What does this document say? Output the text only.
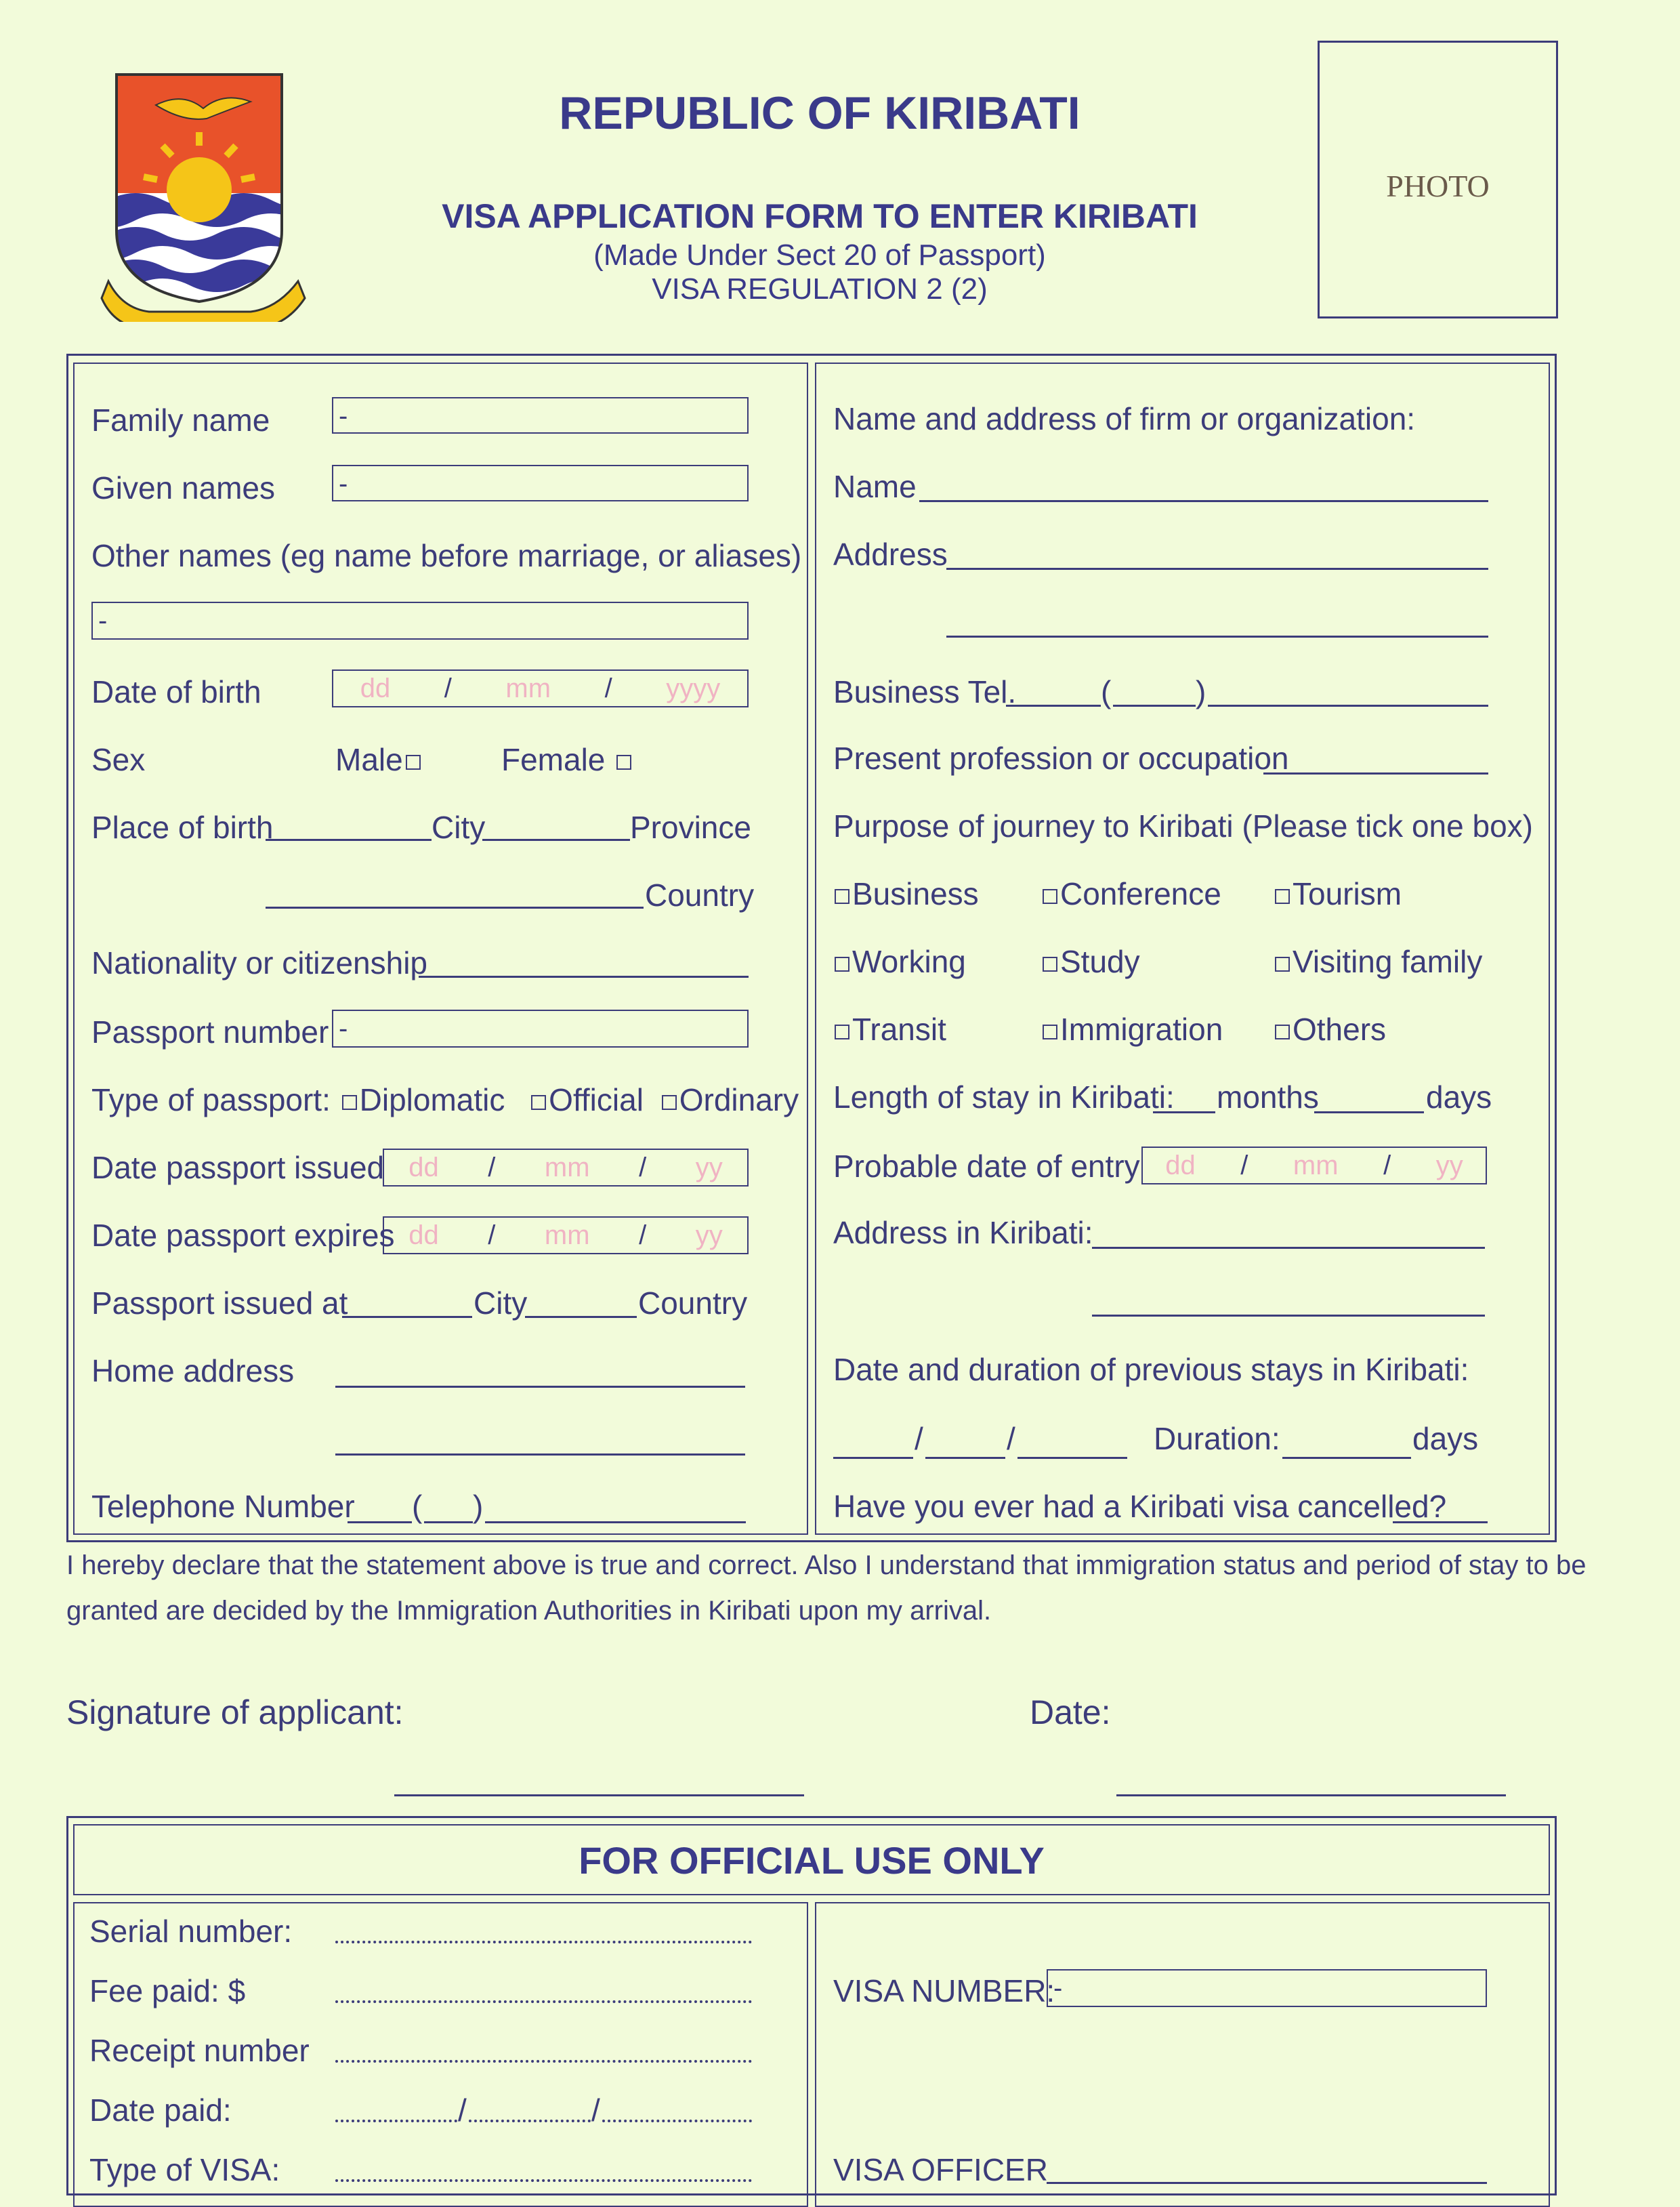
REPUBLIC OF KIRIBATI
VISA APPLICATION FORM TO ENTER KIRIBATI
(Made Under Sect 20 of Passport)
VISA REGULATION 2 (2)
PHOTO
Family name	-
Given names -
Other names (eg name before marriage, or aliases)
-
Date of birth	dd / mm / yyyy
Sex	Male	Female
Place of birth	City	Province
Country
Nationality or citizenship
Passport number -
Type of passport: Diplomatic Official Ordinary
Date passport issued dd / mm / yy
Date passport expires dd / mm / yy
Passport issued at	City	Country
Home address
Telephone Number ( )
Name and address of firm or organization:
Name
Address
Business Tel.	(	)
Present profession or occupation
Purpose of journey to Kiribati (Please tick one box)
Business	Conference	Tourism
Working	Study	Visiting family
Transit	Immigration	Others
Length of stay in Kiribati: months	days
Probable date of entry dd / mm / yy
Address in Kiribati:
Date and duration of previous stays in Kiribati:
/	/	Duration:	days
Have you ever had a Kiribati visa cancelled?
I hereby declare that the statement above is true and correct. Also I understand that immigration status and period of stay to be
granted are decided by the Immigration Authorities in Kiribati upon my arrival.
Signature of applicant:	Date:
FOR OFFICIAL USE ONLY
Serial number:
Fee paid: $
Receipt number
Date paid:	/	/
Type of VISA:
VISA NUMBER:
-
VISA OFFICER
